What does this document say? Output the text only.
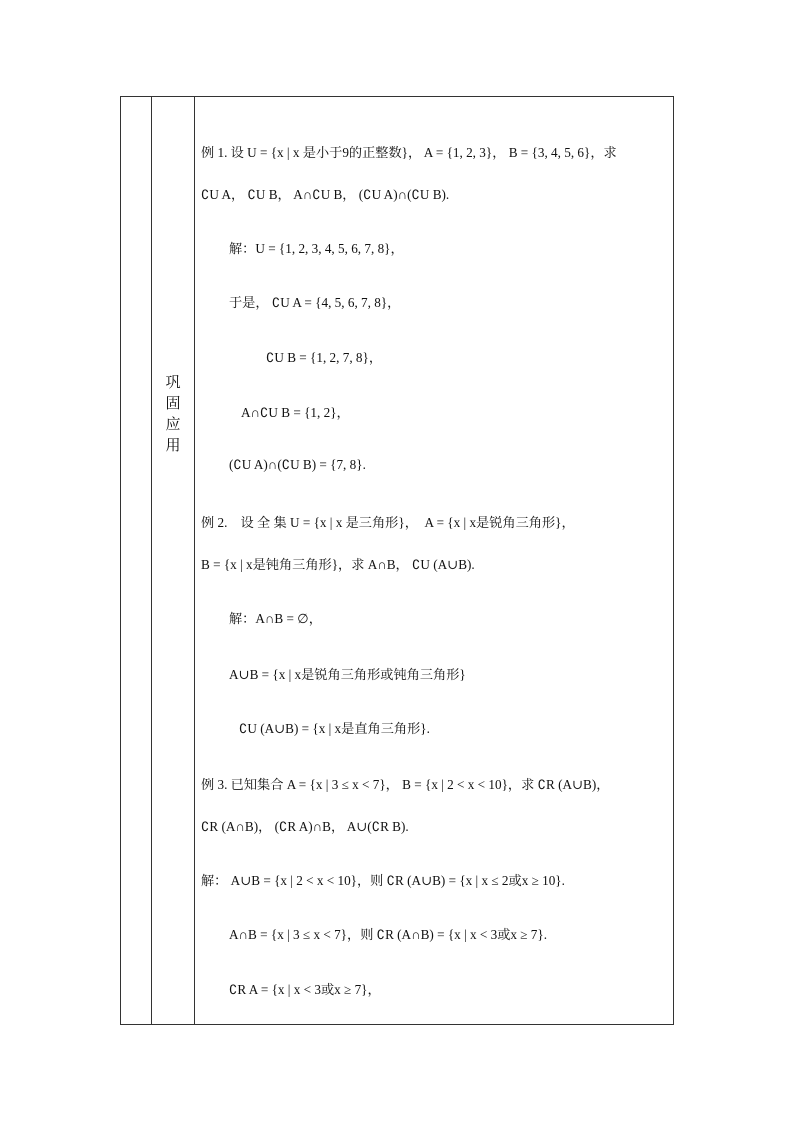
巩
固
应
用
例 1. 设 U = {x | x 是小于9的正整数}， A = {1, 2, 3}， B = {3, 4, 5, 6}，求
∁U A， ∁U B， A∩∁U B， (∁U A)∩(∁U B).
解：U = {1, 2, 3, 4, 5, 6, 7, 8}，
于是， ∁U A = {4, 5, 6, 7, 8}，
∁U B = {1, 2, 7, 8}，
A∩∁U B = {1, 2}，
(∁U A)∩(∁U B) = {7, 8}.
例 2.　设 全 集 U = {x | x 是三角形}，　A = {x | x是锐角三角形}，
B = {x | x是钝角三角形}，求 A∩B， ∁U (A∪B).
解：A∩B = ∅，
A∪B = {x | x是锐角三角形或钝角三角形}
∁U (A∪B) = {x | x是直角三角形}.
例 3. 已知集合 A = {x | 3 ≤ x < 7}， B = {x | 2 < x < 10}，求 ∁R (A∪B)，
∁R (A∩B)， (∁R A)∩B， A∪(∁R B).
解： A∪B = {x | 2 < x < 10}，则 ∁R (A∪B) = {x | x ≤ 2或x ≥ 10}.
A∩B = {x | 3 ≤ x < 7}，则 ∁R (A∩B) = {x | x < 3或x ≥ 7}.
∁R A = {x | x < 3或x ≥ 7}，
